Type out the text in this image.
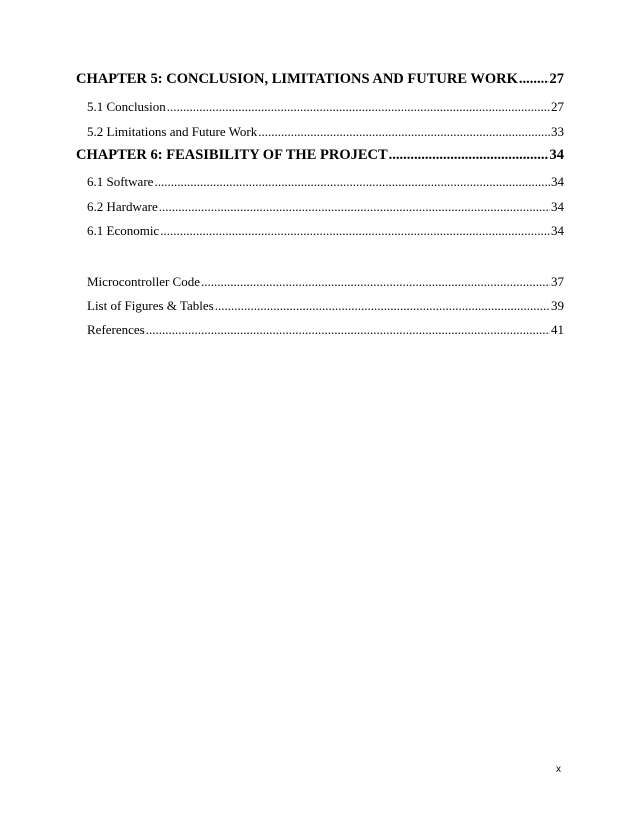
CHAPTER 5: CONCLUSION, LIMITATIONS AND FUTURE WORK ..... 27
5.1 Conclusion .....	27
5.2 Limitations and Future Work .....	33
CHAPTER 6: FEASIBILITY OF THE PROJECT .....	34
6.1 Software .....	34
6.2 Hardware .....	34
6.1 Economic .....	34
Microcontroller Code .....	37
List of Figures & Tables .....	39
References .....	41
x
